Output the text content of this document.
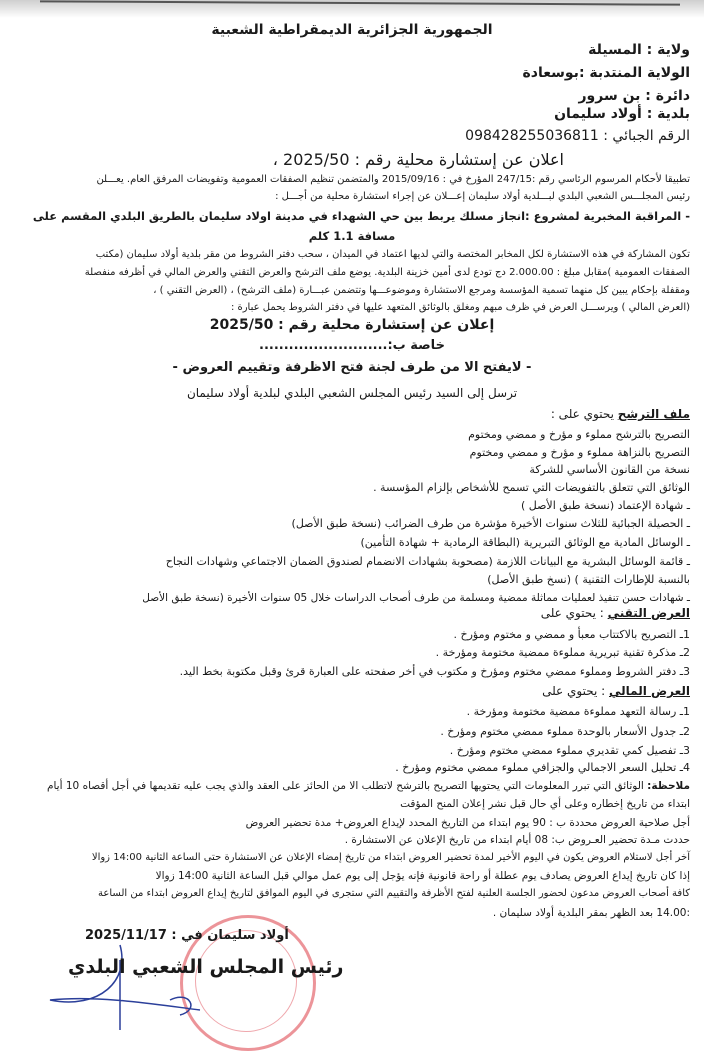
الجمهورية الجزائرية الديمقراطية الشعبية
ولاية : المسيلة
الولاية المنتدبة :بوسعادة
دائرة : بن سرور
بلدية : أولاد سليمان
الرقم الجبائي : 098428255036811
اعلان عن إستشارة محلية رقم : 2025/50 ،
تطبيقا لأحكام المرسوم الرئاسي رقم :247/15 المؤرخ في : 2015/09/16 والمتضمن تنظيم الصفقات العمومية وتفويضات المرفق العام. يعـــلن
رئيس المجلـــس الشعبي البلدي لبـــلدية أولاد سليمان إعـــلان عن إجراء استشارة محلية من أجـــل :
- المراقبة المخبرية لمشروع :انجاز مسلك يربط بين حي الشهداء في مدينة اولاد سليمان بالطريق البلدي المقسم على
مسافة 1.1 كلم
تكون المشاركة في هذه الاستشارة لكل المخابر المختصة والتي لديها اعتماد في الميدان ، سحب دفتر الشروط من مقر بلدية أولاد سليمان (مكتب
الصفقات العمومية )مقابل مبلغ : 2.000.00 دج تودع لدى أمين خزينة البلدية. يوضع ملف الترشح والعرض التقني والعرض المالي في أظرفه منفصلة
ومقفلة بإحكام يبين كل منهما تسمية المؤسسة ومرجع الاستشارة وموضوعـــها وتتضمن عبـــارة (ملف الترشح) ، (العرض التقني ) ،
(العرض المالي ) ويرســـل العرض في ظرف مبهم ومغلق بالوثائق المتعهد عليها في دفتر الشروط يحمل عبارة :
إعلان عن إستشارة محلية رقم : 2025/50
خاصة ب:..........................
- لايفتح الا من طرف لجنة فتح الاظرفة وتقييم العروض -
ترسل إلى السيد رئيس المجلس الشعبي البلدي لبلدية أولاد سليمان
ملف الترشح يحتوي على :
التصريح بالترشح مملوء و مؤرخ و ممضي ومختوم
التصريح بالنزاهة مملوء و مؤرخ و ممضي ومختوم
نسخة من القانون الأساسي للشركة
الوثائق التي تتعلق بالتفويضات التي تسمح للأشخاص بإلزام المؤسسة .
ـ شهادة الإعتماد (نسخة طبق الأصل )
ـ الحصيلة الجبائية للثلاث سنوات الأخيرة مؤشرة من طرف الضرائب (نسخة طبق الأصل)
ـ الوسائل المادية مع الوثائق التبريرية (البطاقة الرمادية + شهادة التأمين)
ـ قائمة الوسائل البشرية مع البيانات اللازمة (مصحوبة بشهادات الانضمام لصندوق الضمان الاجتماعي وشهادات النجاح
بالنسبة للإطارات التقنية ) (نسخ طبق الأصل)
ـ شهادات حسن تنفيذ لعمليات مماثلة ممضية ومسلمة من طرف أصحاب الدراسات خلال 05 سنوات الأخيرة (نسخة طبق الأصل
العرض التقني : يحتوي على
1ـ التصريح بالاكتتاب معبأ و ممضي و مختوم ومؤرخ .
2ـ مذكرة تقنية تبريرية مملوءة ممضية مختومة ومؤرخة .
3ـ دفتر الشروط ومملوء ممضي مختوم ومؤرخ و مكتوب في أخر صفحته على العبارة قرئ وقبل مكتوبة بخط اليد.
العرض المالي : يحتوي على
1ـ رسالة التعهد مملوءة ممضية مختومة ومؤرخة .
2ـ جدول الأسعار بالوحدة مملوء ممضي مختوم ومؤرخ .
3ـ تفصيل كمي تقديري مملوء ممضي مختوم ومؤرخ .
4ـ تحليل السعر الاجمالي والجزافي مملوء ممضي مختوم ومؤرخ .
ملاحظة: الوثائق التي تبرر المعلومات التي يحتويها التصريح بالترشح لاتطلب الا من الحائز على العقد والذي يجب عليه تقديمها في أجل أقصاه 10 أيام
ابتداء من تاريخ إخطاره وعلى أي حال قبل نشر إعلان المنح المؤقت
أجل صلاحية العروض محددة ب : 90 يوم ابتداء من التاريخ المحدد لإيداع العروض+ مدة تحضير العروض
حددت مـدة تحضير العـروض ب: 08 أيام ابتداء من تاريخ الإعلان عن الاستشارة .
آخر أجل لاستلام العروض يكون في اليوم الأخير لمدة تحضير العروض ابتداء من تاريخ إمضاء الإعلان عن الاستشارة حتى الساعة الثانية 14:00 زوالا
إذا كان تاريخ إيداع العروض يصادف يوم عطلة أو راحة قانونية فإنه يؤجل إلى يوم عمل موالي قبل الساعة الثانية 14:00 زوالا
كافة أصحاب العروض مدعون لحضور الجلسة العلنية لفتح الأظرفة والتقييم التي ستجرى في اليوم الموافق لتاريخ إيداع العروض ابتداء من الساعة
:14.00 بعد الظهر بمقر البلدية أولاد سليمان .
أولاد سليمان في : 2025/11/17
رئيس المجلس الشعبي البلدي
